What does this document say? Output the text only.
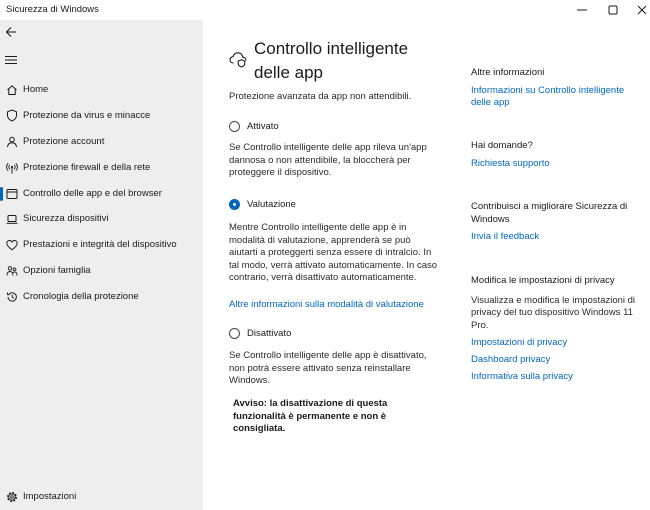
Sicurezza di Windows
Home
Protezione da virus e minacce
Protezione account
Protezione firewall e della rete
Controllo delle app e del browser
Sicurezza dispositivi
Prestazioni e integrità del dispositivo
Opzioni famiglia
Cronologia della protezione
Impostazioni
Controllo intelligente delle app
Protezione avanzata da app non attendibili.
Attivato
Se Controllo intelligente delle app rileva un'app dannosa o non attendibile, la bloccherà per proteggere il dispositivo.
Valutazione
Mentre Controllo intelligente delle app è in modalità di valutazione, apprenderà se può aiutarti a proteggerti senza essere di intralcio. In tal modo, verrà attivato automaticamente. In caso contrario, verrà disattivato automaticamente.
Altre informazioni sulla modalità di valutazione
Disattivato
Se Controllo intelligente delle app è disattivato, non potrà essere attivato senza reinstallare Windows.
Avviso: la disattivazione di questa funzionalità è permanente e non è consigliata.
Altre informazioni
Informazioni su Controllo intelligente delle app
Hai domande?
Richiesta supporto
Contribuisci a migliorare Sicurezza di Windows
Invia il feedback
Modifica le impostazioni di privacy
Visualizza e modifica le impostazioni di privacy del tuo dispositivo Windows 11 Pro.
Impostazioni di privacy
Dashboard privacy
Informativa sulla privacy
